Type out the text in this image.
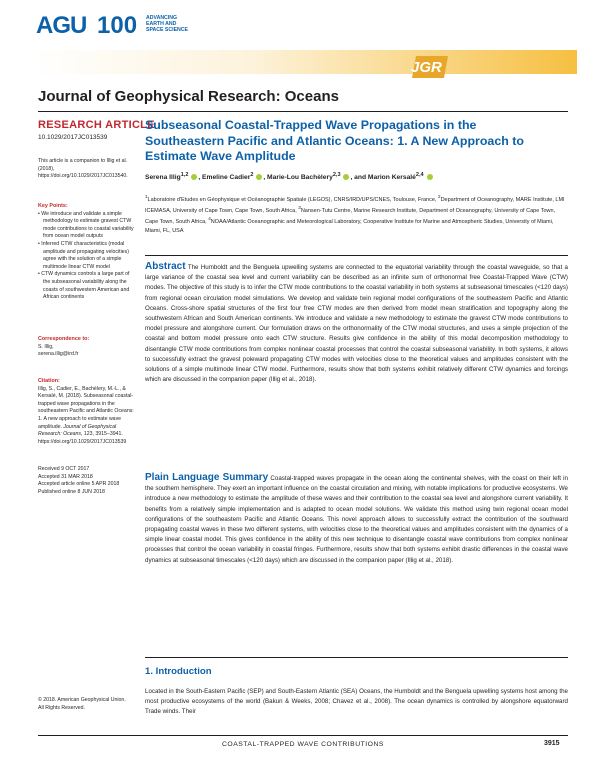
AGU 100 ADVANCING
EARTH AND
SPACE SCIENCE
JGR
Journal of Geophysical Research: Oceans
RESEARCH ARTICLE
10.1029/2017JC013539
This article is a companion to Illig et al. (2018), https://doi.org/10.1029/2017JC013540.
Key Points:
• We introduce and validate a simple methodology to estimate gravest CTW mode contributions to coastal variability from ocean model outputs
• Inferred CTW characteristics (modal amplitude and propagating velocities) agree with the solution of a simple multimode linear CTW model
• CTW dynamics controls a large part of the subseasonal variability along the coasts of southwestern American and African continents
Correspondence to:
S. Illig,
serena.illig@ird.fr
Citation:
Illig, S., Cadier, E., Bachèlery, M.-L., & Kersalé, M. (2018). Subseasonal coastal-trapped wave propagations in the southeastern Pacific and Atlantic Oceans: 1. A new approach to estimate wave amplitude. Journal of Geophysical Research: Oceans, 123, 3915–3941. https://doi.org/10.1029/2017JC013539
Received 9 OCT 2017
Accepted 31 MAR 2018
Accepted article online 5 APR 2018
Published online 8 JUN 2018
© 2018. American Geophysical Union.
All Rights Reserved.
Subseasonal Coastal-Trapped Wave Propagations in the Southeastern Pacific and Atlantic Oceans: 1. A New Approach to Estimate Wave Amplitude
Serena Illig$^{1,2}$ , Emeline Cadier$^2$ , Marie-Lou Bachèlery$^{2,3}$ , and Marion Kersalé$^{2,4}$
$^1$Laboratoire d'Etudes en Géophysique et Océanographie Spatiale (LEGOS), CNRS/IRD/UPS/CNES, Toulouse, France, $^2$Department of Oceanography, MARE Institute, LMI ICEMASA, University of Cape Town, Cape Town, South Africa, $^3$Nansen-Tutu Centre, Marine Research Institute, Department of Oceanography, University of Cape Town, Cape Town, South Africa, $^4$NOAA/Atlantic Oceanographic and Meteorological Laboratory, Cooperative Institute for Marine and Atmospheric Studies, University of Miami, Miami, FL, USA
Abstract The Humboldt and the Benguela upwelling systems are connected to the equatorial variability through the coastal waveguide, so that a large variance of the coastal sea level and current variability can be described as an infinite sum of orthonormal free Coastal-Trapped Wave (CTW) modes. The objective of this study is to infer the CTW mode contributions to the coastal variability in both systems at subseasonal timescales (<120 days) from regional ocean circulation model simulations. We develop and validate twin regional model configurations of the southeastern Pacific and Atlantic Oceans. Cross-shore spatial structures of the first four free CTW modes are then derived from model mean stratification and topography along the southwestern African and South American continents. We introduce and validate a new methodology to estimate the gravest CTW mode contributions to model pressure and alongshore current. Our formulation draws on the orthonormality of the CTW modal structures, and uses a simple projection of the coastal and bottom model pressure onto each CTW structure. Results give confidence in the ability of this modal decomposition methodology to disentangle CTW mode contributions from complex nonlinear coastal processes that control the coastal subseasonal variability. In both systems, it allows to successfully extract the gravest poleward propagating CTW modes with velocities close to the theoretical values and amplitudes consistent with the solutions of a simple multimode linear CTW model. Furthermore, results show that both systems exhibit relatively different CTW dynamics and forcings which are discussed in the companion paper (Illig et al., 2018).
Plain Language Summary Coastal-trapped waves propagate in the ocean along the continental shelves, with the coast on their left in the southern hemisphere. They exert an important influence on the coastal circulation and mixing, with notable implications for productive ecosystems. We introduce a new methodology to estimate the amplitude of these waves and their contribution to the coastal sea level and alongshore current variability. It benefits from a relatively simple implementation and is adapted to ocean model solutions. We validate this method using twin regional ocean model configurations of the southeastern Pacific and Atlantic Oceans. This novel approach allows to successfully extract the contribution of the southward propagating coastal waves in these two different systems, with velocities close to the theoretical values and amplitudes consistent with the dynamics of a simple linear coastal model. This gives confidence in the ability of this new technique to disentangle coastal wave contributions from complex nonlinear processes that control the ocean variability in coastal fringes. Furthermore, results show that both systems exhibit drastic differences in the coastal wave dynamics at subseasonal timescales (<120 days) which are discussed in the companion paper (Illig et al., 2018).
1. Introduction
Located in the South-Eastern Pacific (SEP) and South-Eastern Atlantic (SEA) Oceans, the Humboldt and the Benguela upwelling systems host among the most productive ecosystems of the world (Bakun & Weeks, 2008; Chavez et al., 2008). The ocean dynamics is controlled by alongshore equatorward Trade winds. Their
COASTAL-TRAPPED WAVE CONTRIBUTIONS	3915
